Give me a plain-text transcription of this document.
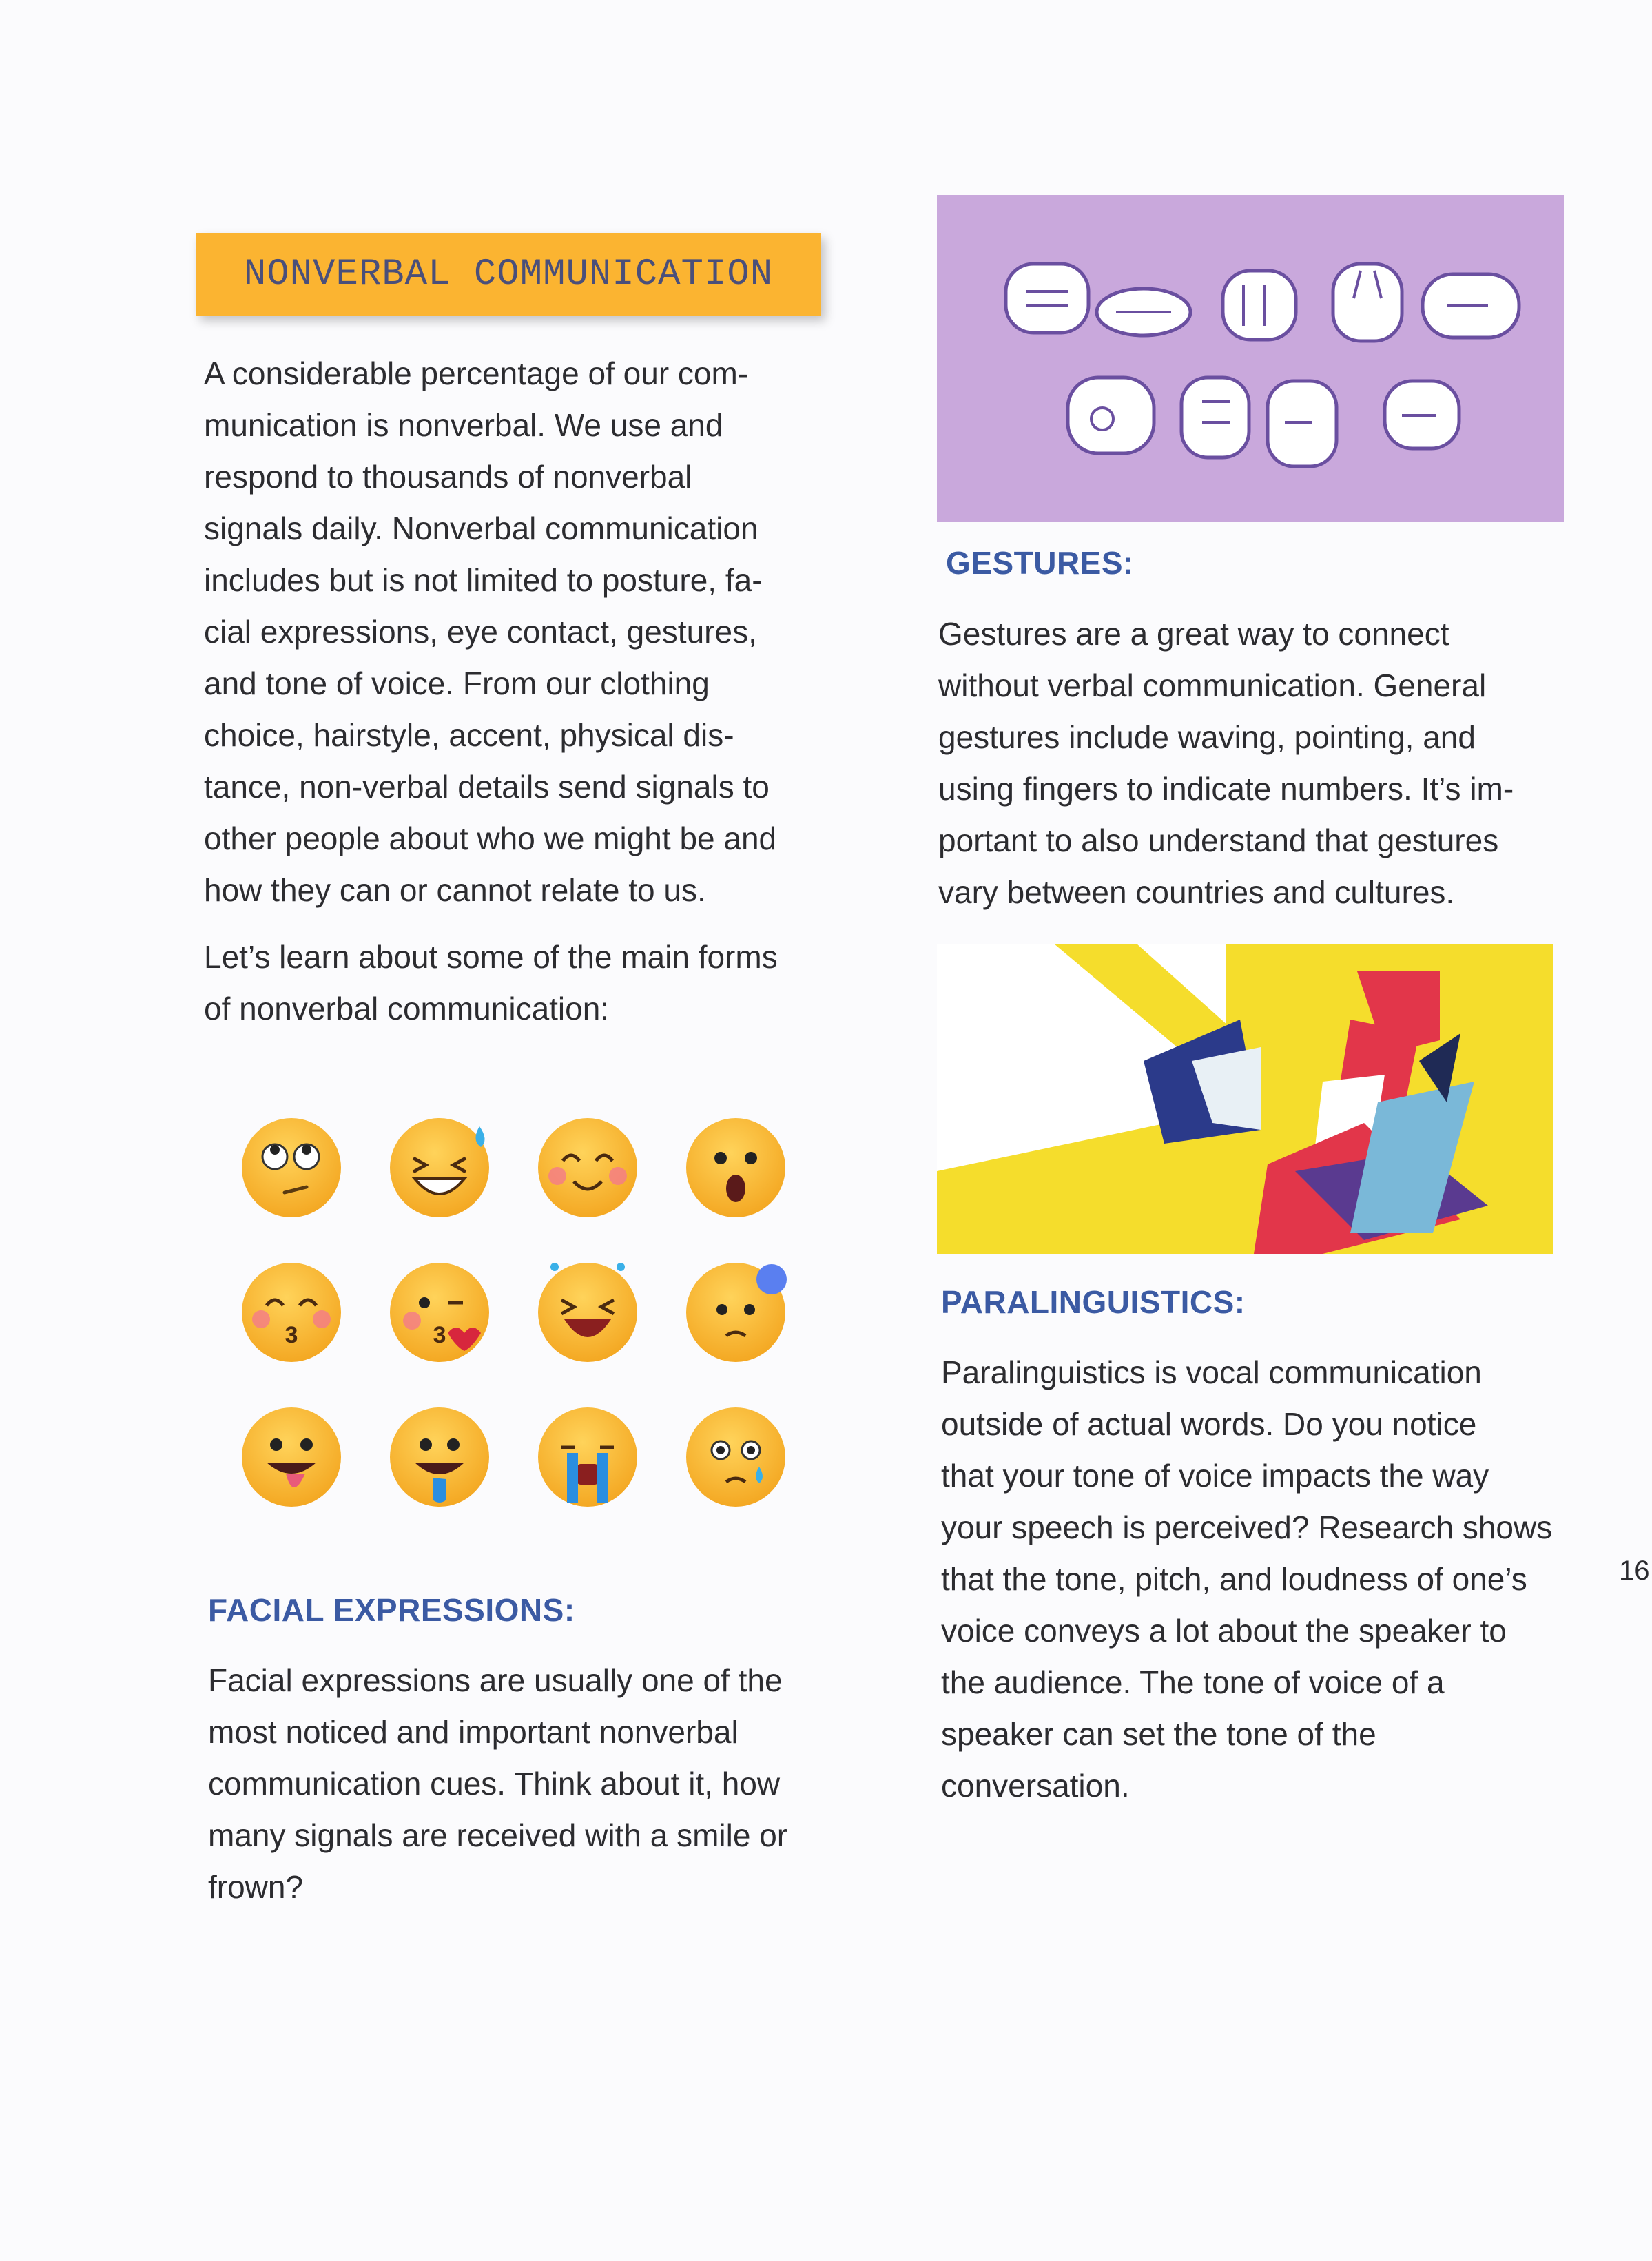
NONVERBAL COMMUNICATION

A considerable percentage of our com-
munication is nonverbal. We use and
respond to thousands of nonverbal
signals daily. Nonverbal communication
includes but is not limited to posture, fa-
cial expressions, eye contact, gestures,
and tone of voice. From our clothing
choice, hairstyle, accent, physical dis-
tance, non-verbal details send signals to
other people about who we might be and
how they can or cannot relate to us.

Let’s learn about some of the main forms
of nonverbal communication:

3	3
FACIAL EXPRESSIONS:

Facial expressions are usually one of the
most noticed and important nonverbal
communication cues. Think about it, how
many signals are received with a smile or
frown?

GESTURES:

Gestures are a great way to connect
without verbal communication. General
gestures include waving, pointing, and
using fingers to indicate numbers. It’s im-
portant to also understand that gestures
vary between countries and cultures.

PARALINGUISTICS:

Paralinguistics is vocal communication
outside of actual words. Do you notice
that your tone of voice impacts the way
your speech is perceived? Research shows
that the tone, pitch, and loudness of one’s
voice conveys a lot about the speaker to
the audience. The tone of voice of a
speaker can set the tone of the
conversation.

16
